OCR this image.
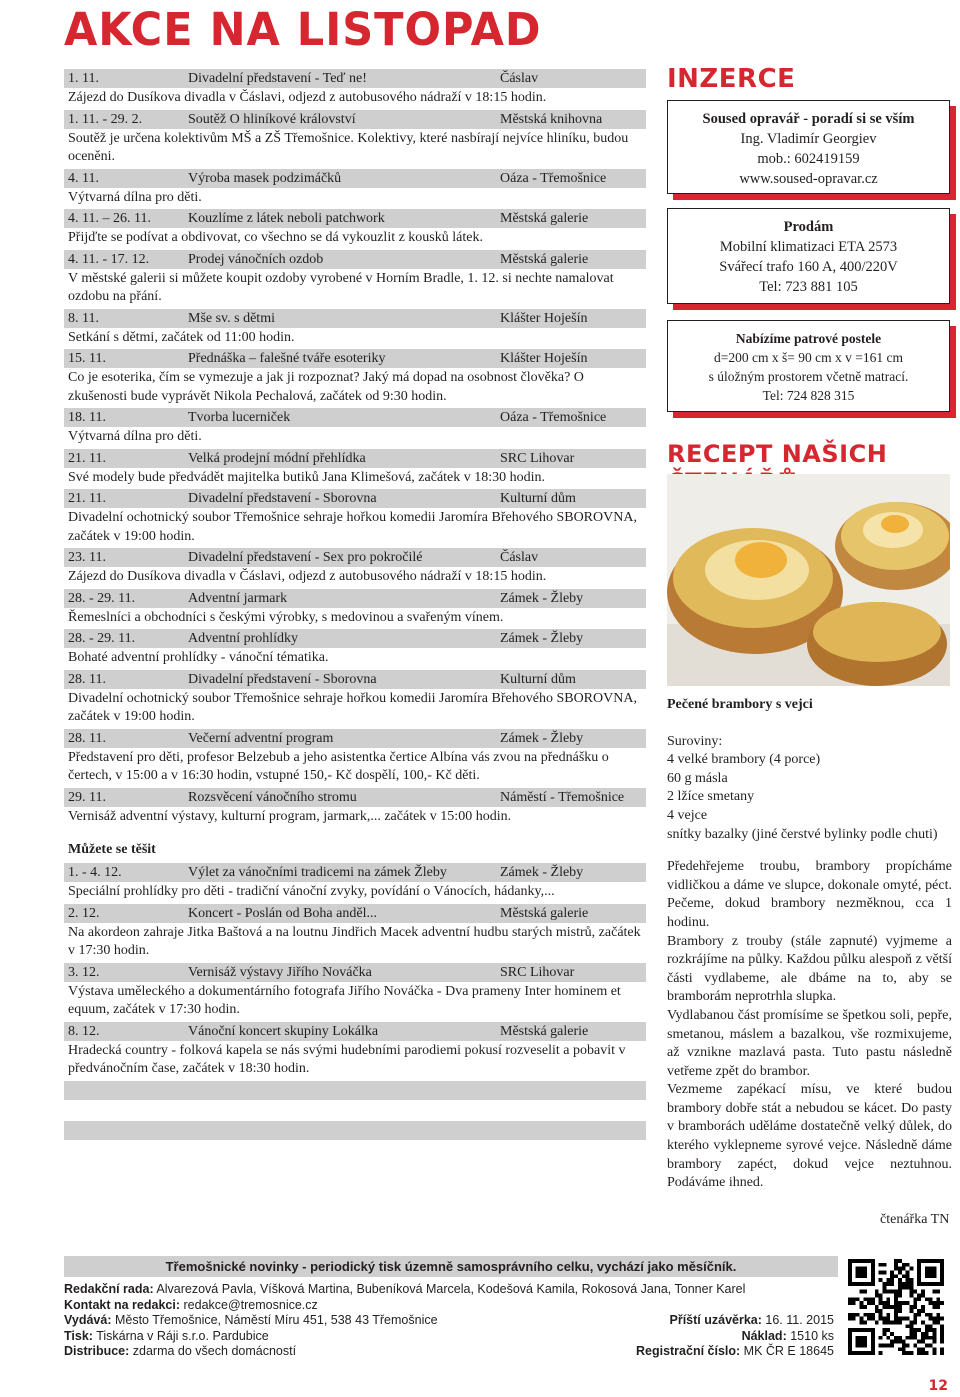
AKCE NA LISTOPAD
1. 11.	Divadelní představení - Teď ne!	Čáslav
Zájezd do Dusíkova divadla v Čáslavi, odjezd z autobusového nádraží v 18:15 hodin.
1. 11. - 29. 2.	Soutěž O hliníkové království	Městská knihovna
Soutěž je určena kolektivům MŠ a ZŠ Třemošnice. Kolektivy, které nasbírají nejvíce hliníku, budou oceněni.
4. 11.	Výroba masek podzimáčků	Oáza - Třemošnice
Výtvarná dílna pro děti.
4. 11. – 26. 11.	Kouzlíme z látek neboli patchwork	Městská galerie
Přijďte se podívat a obdivovat, co všechno se dá vykouzlit z kousků látek.
4. 11. - 17. 12.	Prodej vánočních ozdob	Městská galerie
V městské galerii si můžete koupit ozdoby vyrobené v Horním Bradle, 1. 12. si nechte namalovat ozdobu na přání.
8. 11.	Mše sv. s dětmi	Klášter Hoješín
Setkání s dětmi, začátek od 11:00 hodin.
15. 11.	Přednáška – falešné tváře esoteriky	Klášter Hoješín
Co je esoterika, čím se vymezuje a jak ji rozpoznat? Jaký má dopad na osobnost člověka? O zkušenosti bude vyprávět Nikola Pechalová, začátek od 9:30 hodin.
18. 11.	Tvorba lucerniček	Oáza - Třemošnice
Výtvarná dílna pro děti.
21. 11.	Velká prodejní módní přehlídka	SRC Lihovar
Své modely bude předvádět majitelka butiků Jana Klimešová, začátek v 18:30 hodin.
21. 11.	Divadelní představení - Sborovna	Kulturní dům
Divadelní ochotnický soubor Třemošnice sehraje hořkou komedii Jaromíra Břehového SBOROVNA, začátek v 19:00 hodin.
23. 11.	Divadelní představení - Sex pro pokročilé	Čáslav
Zájezd do Dusíkova divadla v Čáslavi, odjezd z autobusového nádraží v 18:15 hodin.
28. - 29. 11.	Adventní jarmark	Zámek - Žleby
Řemeslníci a obchodníci s českými výrobky, s medovinou a svařeným vínem.
28. - 29. 11.	Adventní prohlídky	Zámek - Žleby
Bohaté adventní prohlídky - vánoční tématika.
28. 11.	Divadelní představení - Sborovna	Kulturní dům
Divadelní ochotnický soubor Třemošnice sehraje hořkou komedii Jaromíra Břehového SBOROVNA, začátek v 19:00 hodin.
28. 11.	Večerní adventní program	Zámek - Žleby
Představení pro děti, profesor Belzebub a jeho asistentka čertice Albína vás zvou na přednášku o čertech, v 15:00 a v 16:30 hodin, vstupné 150,- Kč dospělí, 100,- Kč děti.
29. 11.	Rozsvěcení vánočního stromu	Náměstí - Třemošnice
Vernisáž adventní výstavy, kulturní program, jarmark,... začátek v 15:00 hodin.
Můžete se těšit
1. - 4. 12.	Výlet za vánočními tradicemi na zámek Žleby	Zámek - Žleby
Speciální prohlídky pro děti - tradiční vánoční zvyky, povídání o Vánocích, hádanky,...
2. 12.	Koncert - Poslán od Boha anděl...	Městská galerie
Na akordeon zahraje Jitka Baštová a na loutnu Jindřich Macek adventní hudbu starých mistrů, začátek v 17:30 hodin.
3. 12.	Vernisáž výstavy Jiřího Nováčka	SRC Lihovar
Výstava uměleckého a dokumentárního fotografa Jiřího Nováčka - Dva prameny Inter hominem et equum, začátek v 17:30 hodin.
8. 12.	Vánoční koncert skupiny Lokálka	Městská galerie
Hradecká country - folková kapela se nás svými hudebními parodiemi pokusí rozveselit a pobavit v předvánočním čase, začátek v 18:30 hodin.
INZERCE
Soused opravář - poradí si se vším
Ing. Vladimír Georgiev
mob.: 602419159
www.soused-opravar.cz
Prodám
Mobilní klimatizaci ETA 2573
Svářecí trafo 160 A, 400/220V
Tel: 723 881 105
Nabízíme patrové postele
d=200 cm x š= 90 cm x v =161 cm
s úložným prostorem včetně matrací.
Tel: 724 828 315
RECEPT NAŠICH
Pečené brambory s vejci
Suroviny:
4 velké brambory (4 porce)
60 g másla
2 lžíce smetany
4 vejce
snítky bazalky (jiné čerstvé bylinky podle chuti)
Předehřejeme troubu, brambory propícháme vidličkou a dáme ve slupce, dokonale omyté, péct. Pečeme, dokud brambory nezměknou, cca 1 hodinu.
Brambory z trouby (stále zapnuté) vyjmeme a rozkrájíme na půlky. Každou půlku alespoň z větší části vydlabeme, ale dbáme na to, aby se bramborám neprotrhla slupka.
Vydlabanou část promísíme se špetkou soli, pepře, smetanou, máslem a bazalkou, vše rozmixujeme, až vznikne mazlavá pasta. Tuto pastu následně vetřeme zpět do brambor.
Vezmeme zapékací mísu, ve které budou brambory dobře stát a nebudou se kácet. Do pasty v bramborách uděláme dostatečně velký důlek, do kterého vyklepneme syrové vejce. Následně dáme brambory zapéct, dokud vejce neztuhnou. Podáváme ihned.
čtenářka TN
Třemošnické novinky - periodický tisk územně samosprávního celku, vychází jako měsíčník.
Redakční rada: Alvarezová Pavla, Víšková Martina, Bubeníková Marcela, Kodešová Kamila, Rokosová Jana, Tonner Karel
Kontakt na redakci: redakce@tremosnice.cz
Vydává: Město Třemošnice, Náměstí Míru 451, 538 43 Třemošnice	Příští uzávěrka: 16. 11. 2015
Tisk: Tiskárna v Ráji s.r.o. Pardubice	Náklad: 1510 ks
Distribuce: zdarma do všech domácností	Registrační číslo: MK ČR E 18645
12
